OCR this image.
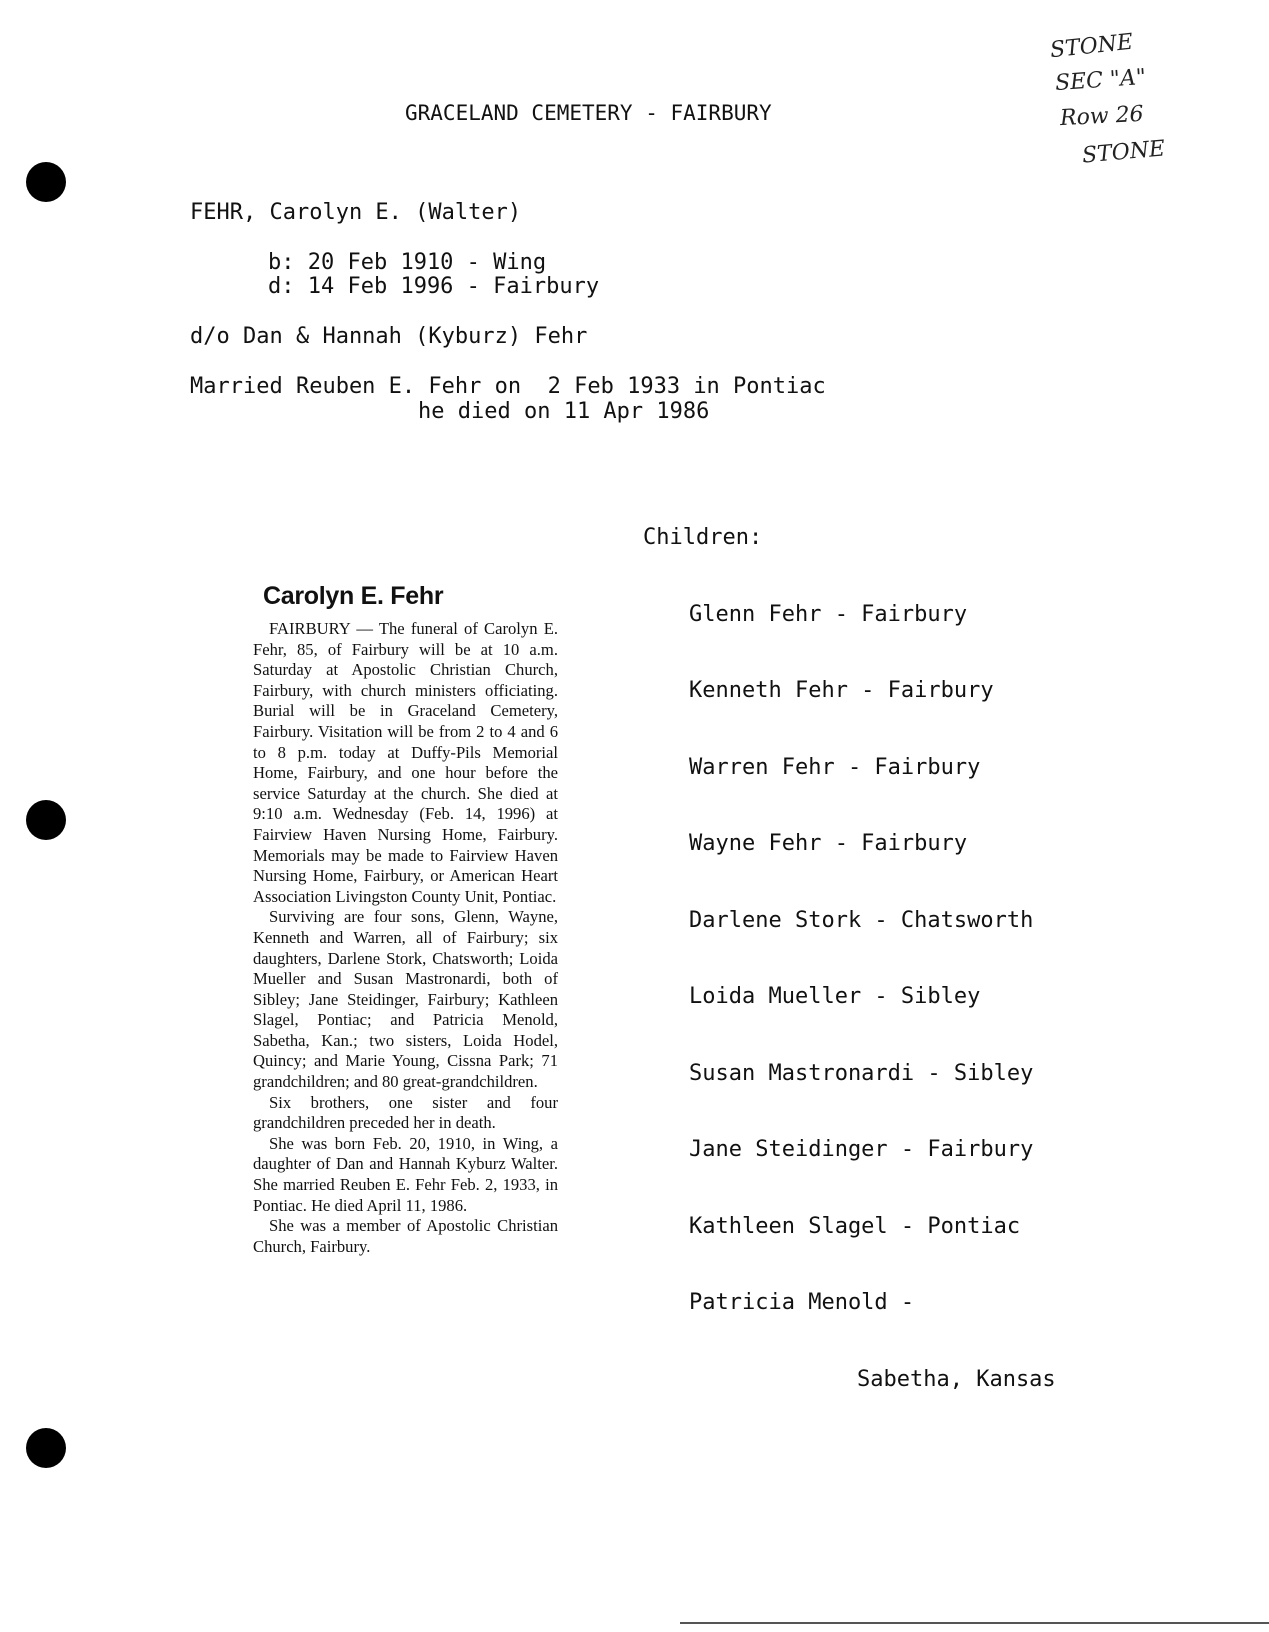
STONE
SEC "A"
Row 26
STONE
GRACELAND CEMETERY - FAIRBURY
FEHR, Carolyn E. (Walter)
b: 20 Feb 1910 - Wing
d: 14 Feb 1996 - Fairbury
d/o Dan & Hannah (Kyburz) Fehr
Married Reuben E. Fehr on  2 Feb 1933 in Pontiac
he died on 11 Apr 1986

Children:

Glenn Fehr - Fairbury

Kenneth Fehr - Fairbury

Warren Fehr - Fairbury

Wayne Fehr - Fairbury

Darlene Stork - Chatsworth

Loida Mueller - Sibley

Susan Mastronardi - Sibley

Jane Steidinger - Fairbury

Kathleen Slagel - Pontiac

Patricia Menold -

Sabetha, Kansas

Carolyn E. Fehr

FAIRBURY — The funeral of Carolyn E. Fehr, 85, of Fairbury will be at 10 a.m. Saturday at Apostolic Christian Church, Fairbury, with church ministers officiating. Burial will be in Graceland Cemetery, Fairbury. Visitation will be from 2 to 4 and 6 to 8 p.m. today at Duffy-Pils Memorial Home, Fairbury, and one hour before the service Saturday at the church. She died at 9:10 a.m. Wednesday (Feb. 14, 1996) at Fairview Haven Nursing Home, Fairbury. Memorials may be made to Fairview Haven Nursing Home, Fairbury, or American Heart Association Livingston County Unit, Pontiac.

Surviving are four sons, Glenn, Wayne, Kenneth and Warren, all of Fairbury; six daughters, Darlene Stork, Chatsworth; Loida Mueller and Susan Mastronardi, both of Sibley; Jane Steidinger, Fairbury; Kathleen Slagel, Pontiac; and Patricia Menold, Sabetha, Kan.; two sisters, Loida Hodel, Quincy; and Marie Young, Cissna Park; 71 grandchildren; and 80 great-grandchildren.

Six brothers, one sister and four grandchildren preceded her in death.

She was born Feb. 20, 1910, in Wing, a daughter of Dan and Hannah Kyburz Walter. She married Reuben E. Fehr Feb. 2, 1933, in Pontiac. He died April 11, 1986.

She was a member of Apostolic Christian Church, Fairbury.
